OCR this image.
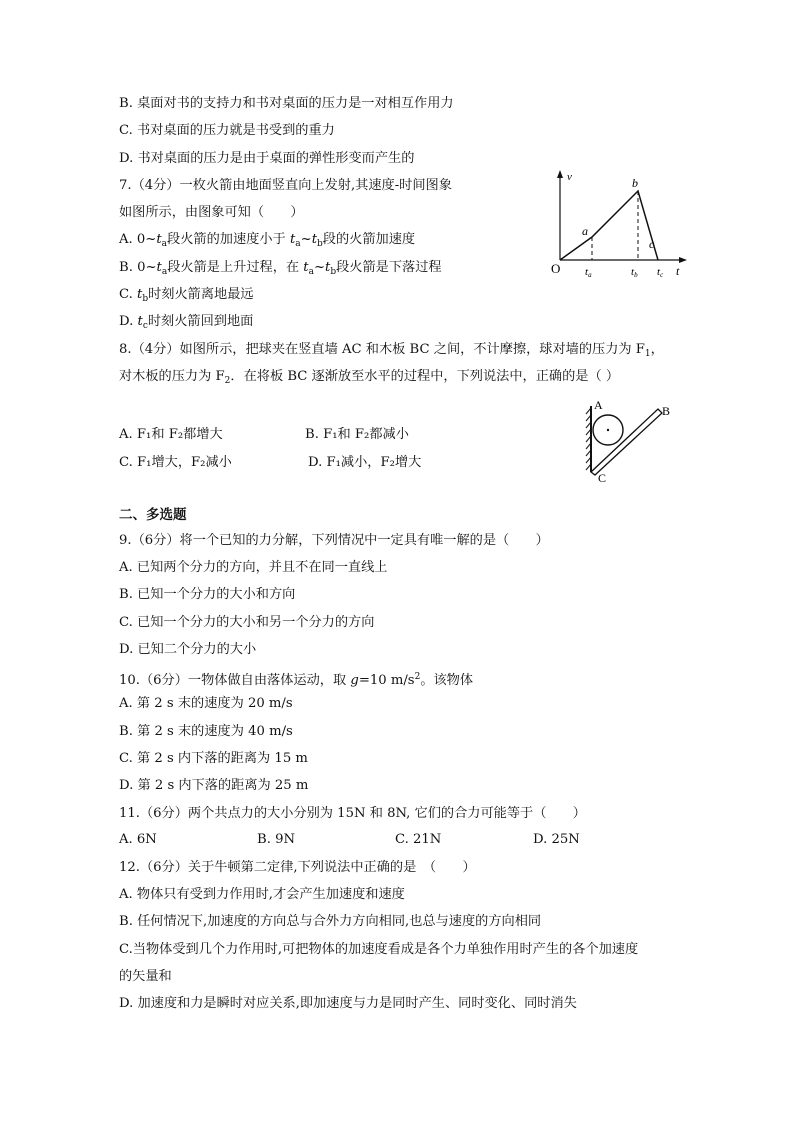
B. 桌面对书的支持力和书对桌面的压力是一对相互作用力
C. 书对桌面的压力就是书受到的重力
D. 书对桌面的压力是由于桌面的弹性形变而产生的
7.（4分）一枚火箭由地面竖直向上发射,其速度-时间图象
如图所示，由图象可知（　　）
A. $0\sim t_a$段火箭的加速度小于 $t_a\sim t_b$段的火箭加速度
B. $0\sim t_a$段火箭是上升过程，在 $t_a\sim t_b$段火箭是下落过程
C. $t_b$时刻火箭离地最远
D. $t_c$时刻火箭回到地面
v
t
O
a
b
c
ta	tb tc
8.（4分）如图所示，把球夹在竖直墙 AC 和木板 BC 之间，不计摩擦，球对墙的压力为 $F_1$，
对木板的压力为 $F_2$．在将板 BC 逐渐放至水平的过程中，下列说法中，正确的是（ ）
A. F₁和 F₂都增大	B. F₁和 F₂都减小
C. F₁增大，F₂减小	D. F₁减小，F₂增大
A	B
C
二、多选题
9.（6分）将一个已知的力分解，下列情况中一定具有唯一解的是（　　）
A. 已知两个分力的方向，并且不在同一直线上
B. 已知一个分力的大小和方向
C. 已知一个分力的大小和另一个分力的方向
D. 已知二个分力的大小
10.（6分）一物体做自由落体运动，取 g=10 $m/s^2$。该物体
A. 第 2 s 末的速度为 20 m/s
B. 第 2 s 末的速度为 40 m/s
C. 第 2 s 内下落的距离为 15 m
D. 第 2 s 内下落的距离为 25 m
11.（6分）两个共点力的大小分别为 15N 和 8N, 它们的合力可能等于（　　）
A. 6N	B. 9N	C. 21N	D. 25N
12.（6分）关于牛顿第二定律,下列说法中正确的是　（　　）
A. 物体只有受到力作用时,才会产生加速度和速度
B. 任何情况下,加速度的方向总与合外力方向相同,也总与速度的方向相同
C.当物体受到几个力作用时,可把物体的加速度看成是各个力单独作用时产生的各个加速度
的矢量和
D. 加速度和力是瞬时对应关系,即加速度与力是同时产生、同时变化、同时消失
